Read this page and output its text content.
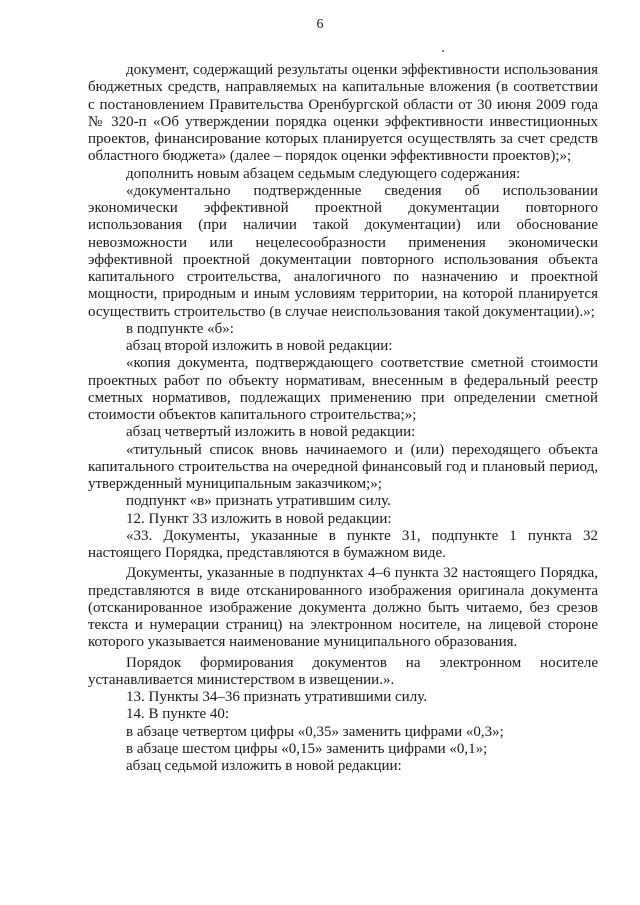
6

документ, содержащий результаты оценки эффективности использования бюджетных средств, направляемых на капитальные вложения (в соответствии с постановлением Правительства Оренбургской области от 30 июня 2009 года № 320-п «Об утверждении порядка оценки эффективности инвестиционных проектов, финансирование которых планируется осуществлять за счет средств областного бюджета» (далее – порядок оценки эффективности проектов);»;

дополнить новым абзацем седьмым следующего содержания:

«документально подтвержденные сведения об использовании экономически эффективной проектной документации повторного использования (при наличии такой документации) или обоснование невозможности или нецелесообразности применения экономически эффективной проектной документации повторного использования объекта капитального строительства, аналогичного по назначению и проектной мощности, природным и иным условиям территории, на которой планируется осуществить строительство (в случае неиспользования такой документации).»;

в подпункте «б»:

абзац второй изложить в новой редакции:

«копия документа, подтверждающего соответствие сметной стоимости проектных работ по объекту нормативам, внесенным в федеральный реестр сметных нормативов, подлежащих применению при определении сметной стоимости объектов капитального строительства;»;

абзац четвертый изложить в новой редакции:

«титульный список вновь начинаемого и (или) переходящего объекта капитального строительства на очередной финансовый год и плановый период, утвержденный муниципальным заказчиком;»;

подпункт «в» признать утратившим силу.

12. Пункт 33 изложить в новой редакции:

«33. Документы, указанные в пункте 31, подпункте 1 пункта 32 настоящего Порядка, представляются в бумажном виде.

Документы, указанные в подпунктах 4–6 пункта 32 настоящего Порядка, представляются в виде отсканированного изображения оригинала документа (отсканированное изображение документа должно быть читаемо, без срезов текста и нумерации страниц) на электронном носителе, на лицевой стороне которого указывается наименование муниципального образования.

Порядок формирования документов на электронном носителе устанавливается министерством в извещении.».

13. Пункты 34–36 признать утратившими силу.

14. В пункте 40:

в абзаце четвертом цифры «0,35» заменить цифрами «0,3»;

в абзаце шестом цифры «0,15» заменить цифрами «0,1»;

абзац седьмой изложить в новой редакции:
